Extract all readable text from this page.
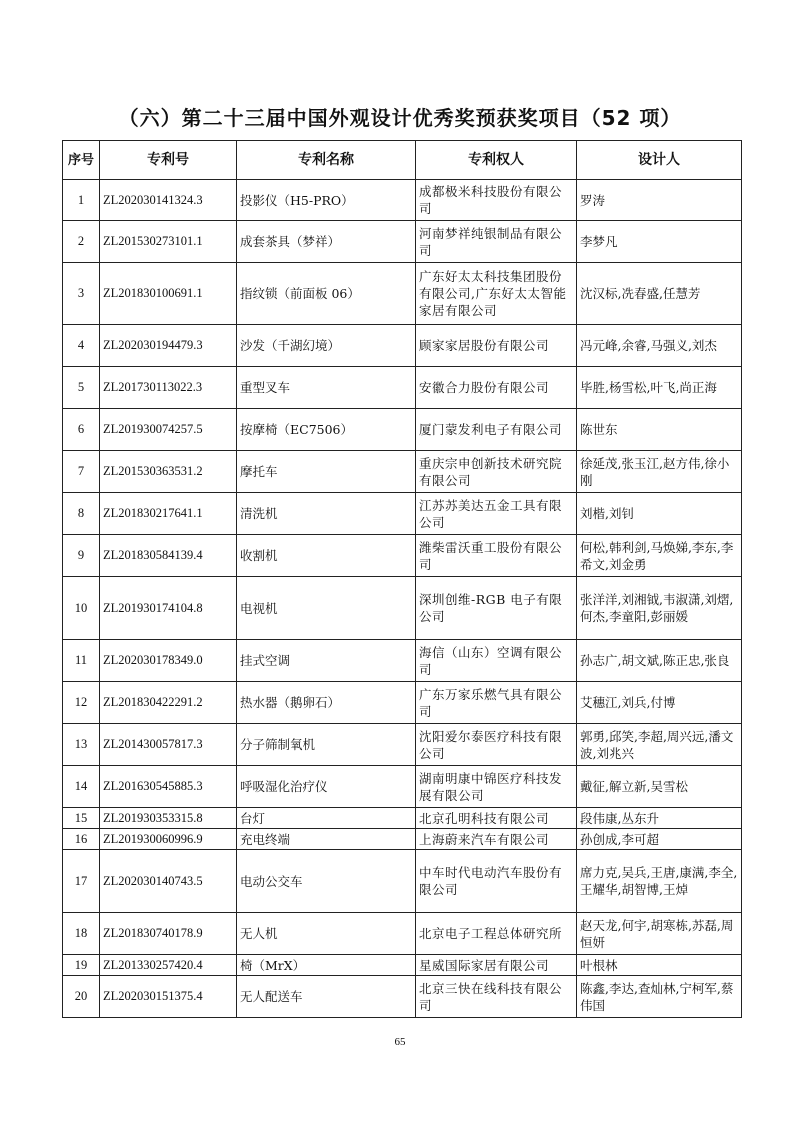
（六）第二十三届中国外观设计优秀奖预获奖项目（52 项）
序号	专利号	专利名称	专利权人	设计人
1	ZL202030141324.3	投影仪（H5-PRO）	成都极米科技股份有限公司	罗涛
2	ZL201530273101.1	成套茶具（梦祥）	河南梦祥纯银制品有限公司	李梦凡
3	ZL201830100691.1	指纹锁（前面板 06）	广东好太太科技集团股份有限公司,广东好太太智能家居有限公司	沈汉标,冼春盛,任慧芳
4	ZL202030194479.3	沙发（千湖幻境）	顾家家居股份有限公司	冯元峰,余睿,马强义,刘杰
5	ZL201730113022.3	重型叉车	安徽合力股份有限公司	毕胜,杨雪松,叶飞,尚正海
6	ZL201930074257.5	按摩椅（EC7506）	厦门蒙发利电子有限公司	陈世东
7	ZL201530363531.2	摩托车	重庆宗申创新技术研究院有限公司	徐延茂,张玉江,赵方伟,徐小刚
8	ZL201830217641.1	清洗机	江苏苏美达五金工具有限公司	刘楷,刘钊
9	ZL201830584139.4	收割机	潍柴雷沃重工股份有限公司	何松,韩利剑,马焕娣,李东,李希文,刘金勇
10	ZL201930174104.8	电视机	深圳创维-RGB 电子有限公司	张洋洋,刘湘钺,韦淑潇,刘熠,何杰,李童阳,彭丽媛
11	ZL202030178349.0	挂式空调	海信（山东）空调有限公司	孙志广,胡文斌,陈正忠,张良
12	ZL201830422291.2	热水器（鹅卵石）	广东万家乐燃气具有限公司	艾穗江,刘兵,付博
13	ZL201430057817.3	分子筛制氧机	沈阳爱尔泰医疗科技有限公司	郭勇,邱笑,李超,周兴远,潘文波,刘兆兴
14	ZL201630545885.3	呼吸湿化治疗仪	湖南明康中锦医疗科技发展有限公司	戴征,解立新,吴雪松
15	ZL201930353315.8	台灯	北京孔明科技有限公司	段伟康,丛东升
16	ZL201930060996.9	充电终端	上海蔚来汽车有限公司	孙创成,李可超
17	ZL202030140743.5	电动公交车	中车时代电动汽车股份有限公司	席力克,吴兵,王唐,康满,李全,王耀华,胡智博,王焯
18	ZL201830740178.9	无人机	北京电子工程总体研究所	赵天龙,何宇,胡寒栋,苏磊,周恒妍
19	ZL201330257420.4	椅（MrX）	星威国际家居有限公司	叶根林
20	ZL202030151375.4	无人配送车	北京三快在线科技有限公司	陈鑫,李达,查灿林,宁柯军,蔡伟国
65
